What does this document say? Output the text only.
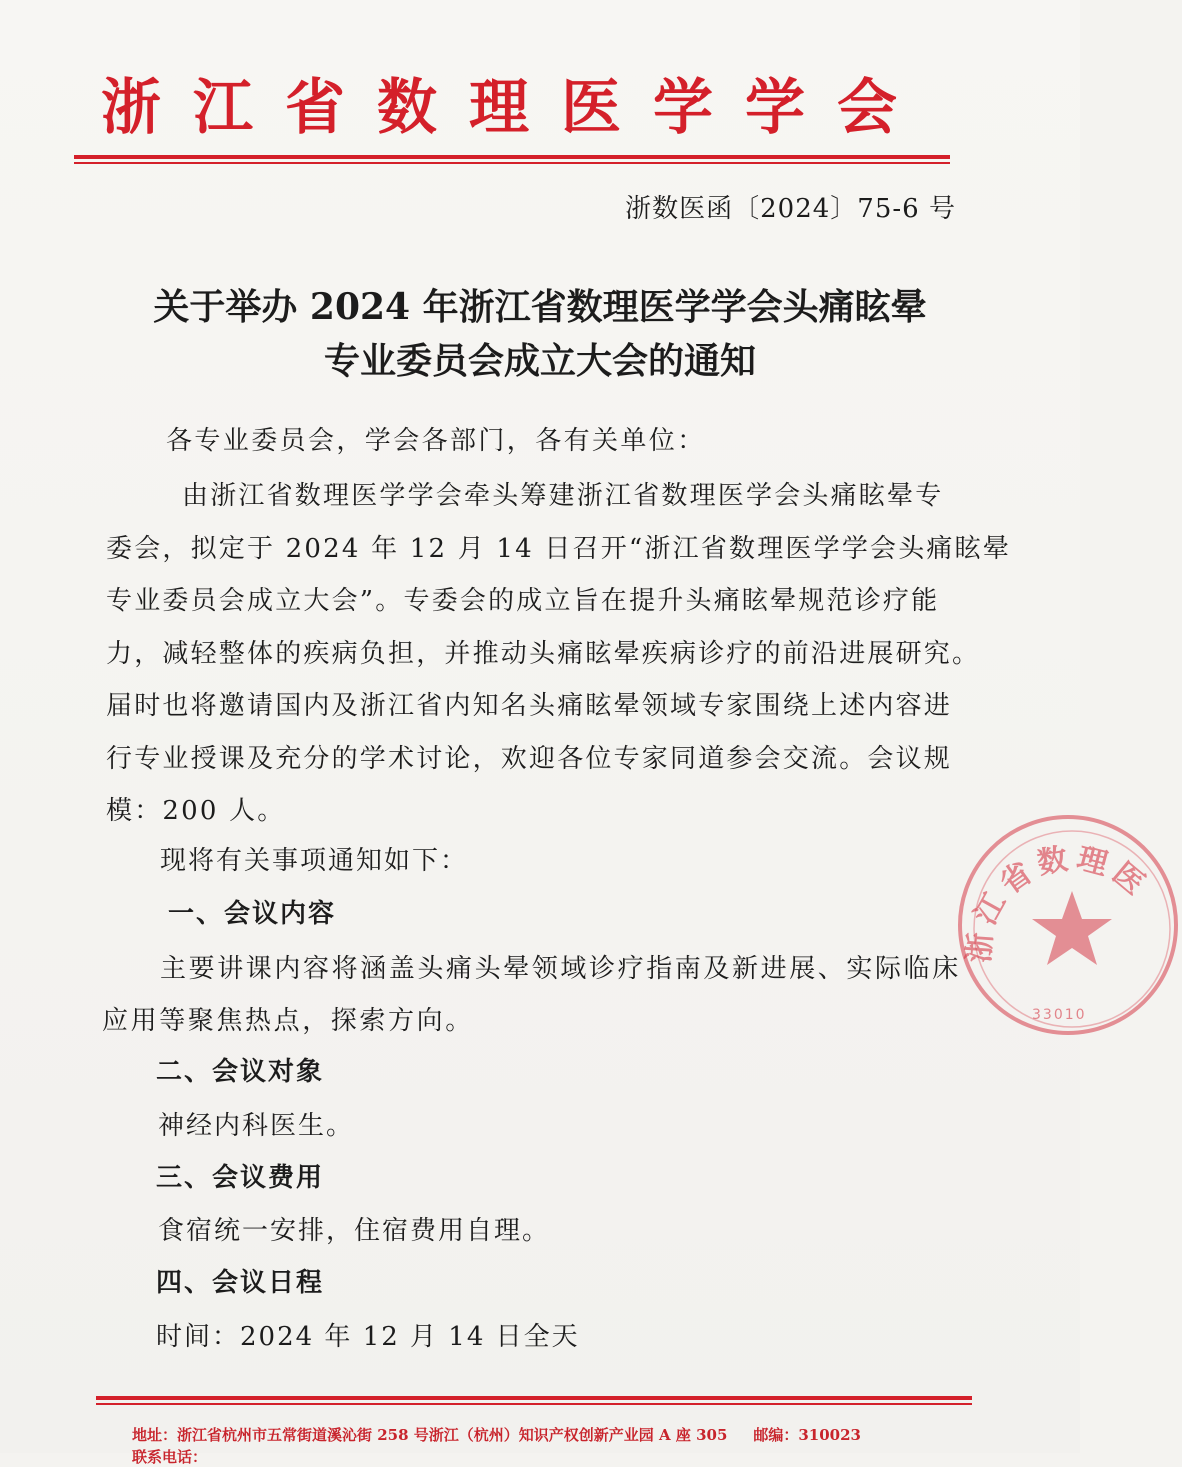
浙江省数理医学学会
浙数医函〔2024〕75-6 号
关于举办 2024 年浙江省数理医学学会头痛眩晕
专业委员会成立大会的通知
各专业委员会，学会各部门，各有关单位：
由浙江省数理医学学会牵头筹建浙江省数理医学会头痛眩晕专
委会，拟定于 2024 年 12 月 14 日召开“浙江省数理医学学会头痛眩晕
专业委员会成立大会”。专委会的成立旨在提升头痛眩晕规范诊疗能
力，减轻整体的疾病负担，并推动头痛眩晕疾病诊疗的前沿进展研究。
届时也将邀请国内及浙江省内知名头痛眩晕领域专家围绕上述内容进
行专业授课及充分的学术讨论，欢迎各位专家同道参会交流。会议规
模：200 人。
现将有关事项通知如下：
一、会议内容
主要讲课内容将涵盖头痛头晕领域诊疗指南及新进展、实际临床
应用等聚焦热点，探索方向。
二、会议对象
神经内科医生。
三、会议费用
食宿统一安排，住宿费用自理。
四、会议日程
时间：2024 年 12 月 14 日全天
浙江省数理医
33010
地址：浙江省杭州市五常街道溪沁街 258 号浙江（杭州）知识产权创新产业园 A 座 305 邮编：310023
联系电话：
